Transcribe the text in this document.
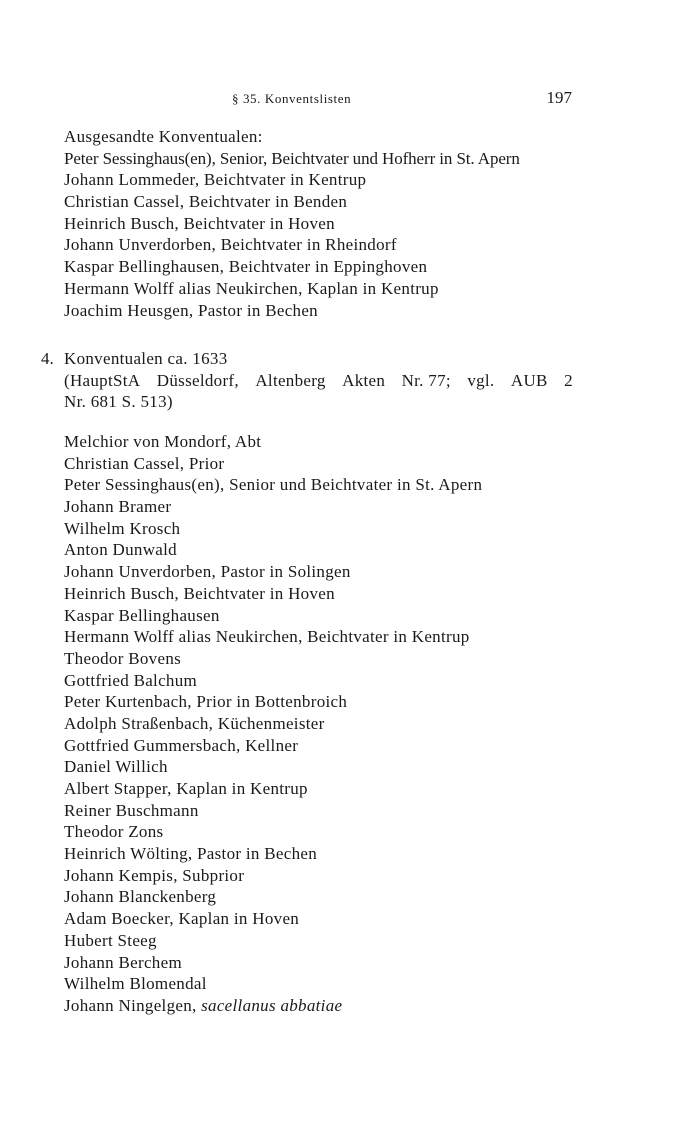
§ 35. Konventslisten	197
Ausgesandte Konventualen:
Peter Sessinghaus(en), Senior, Beichtvater und Hofherr in St. Apern
Johann Lommeder, Beichtvater in Kentrup
Christian Cassel, Beichtvater in Benden
Heinrich Busch, Beichtvater in Hoven
Johann Unverdorben, Beichtvater in Rheindorf
Kaspar Bellinghausen, Beichtvater in Eppinghoven
Hermann Wolff alias Neukirchen, Kaplan in Kentrup
Joachim Heusgen, Pastor in Bechen
4. Konventualen ca. 1633
(HauptStA Düsseldorf, Altenberg Akten Nr. 77; vgl. AUB 2
Nr. 681 S. 513)
Melchior von Mondorf, Abt
Christian Cassel, Prior
Peter Sessinghaus(en), Senior und Beichtvater in St. Apern
Johann Bramer
Wilhelm Krosch
Anton Dunwald
Johann Unverdorben, Pastor in Solingen
Heinrich Busch, Beichtvater in Hoven
Kaspar Bellinghausen
Hermann Wolff alias Neukirchen, Beichtvater in Kentrup
Theodor Bovens
Gottfried Balchum
Peter Kurtenbach, Prior in Bottenbroich
Adolph Straßenbach, Küchenmeister
Gottfried Gummersbach, Kellner
Daniel Willich
Albert Stapper, Kaplan in Kentrup
Reiner Buschmann
Theodor Zons
Heinrich Wölting, Pastor in Bechen
Johann Kempis, Subprior
Johann Blanckenberg
Adam Boecker, Kaplan in Hoven
Hubert Steeg
Johann Berchem
Wilhelm Blomendal
Johann Ningelgen, sacellanus abbatiae
